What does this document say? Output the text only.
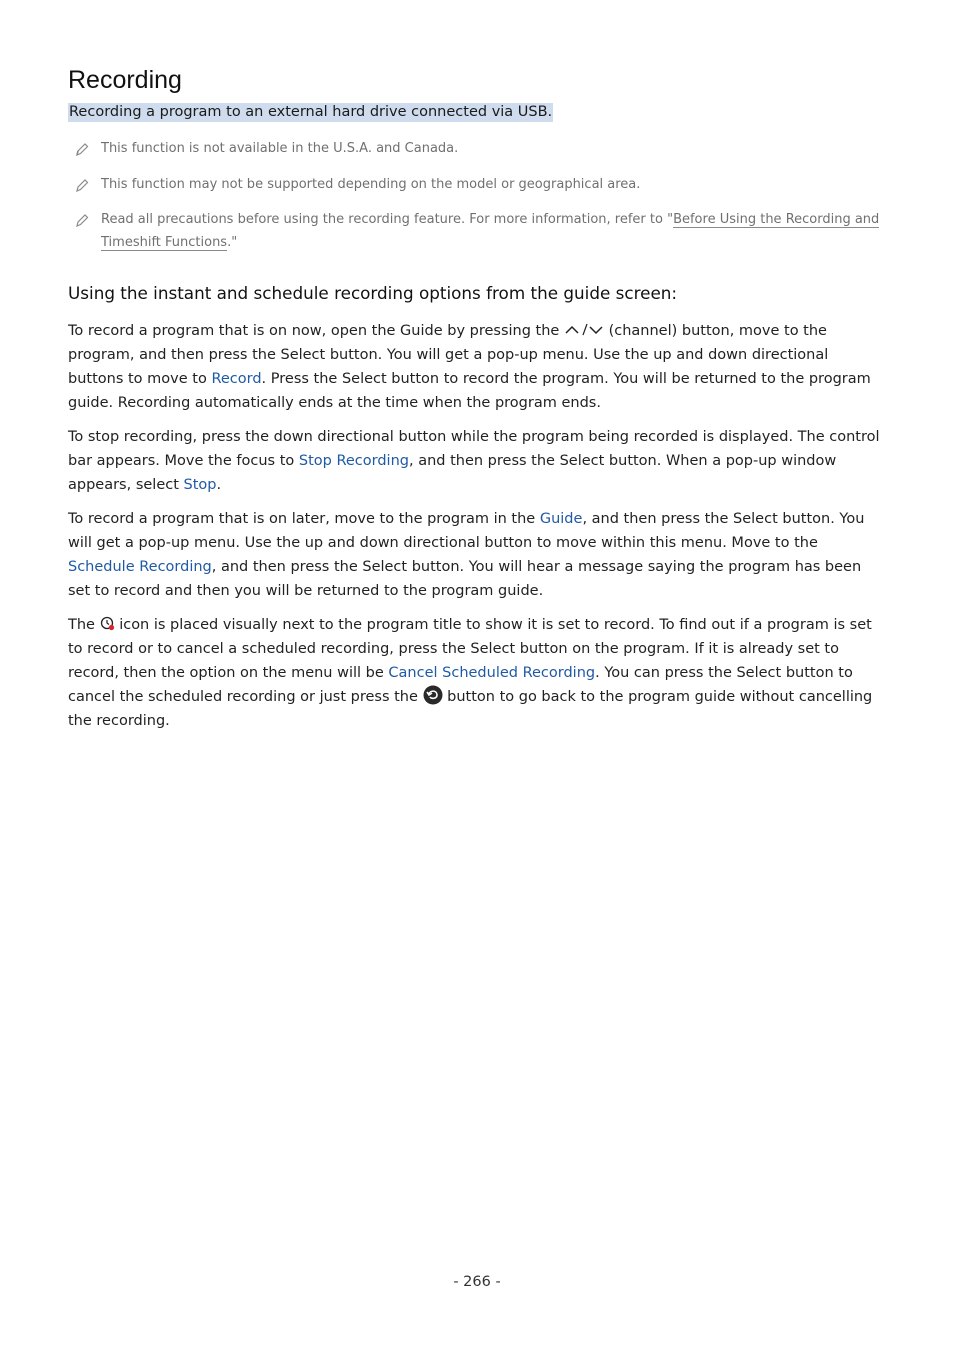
Recording
Recording a program to an external hard drive connected via USB.
This function is not available in the U.S.A. and Canada.
This function may not be supported depending on the model or geographical area.
Read all precautions before using the recording feature. For more information, refer to "Before Using the Recording and
Timeshift Functions."
Using the instant and schedule recording options from the guide screen:
To record a program that is on now, open the Guide by pressing the	(channel) button, move to the program, and then press the Select button. You will get a pop-up menu. Use the up and down directional buttons to move to Record. Press the Select button to record the program. You will be returned to the program guide. Recording automatically ends at the time when the program ends.
To stop recording, press the down directional button while the program being recorded is displayed. The control bar appears. Move the focus to Stop Recording, and then press the Select button. When a pop-up window appears, select Stop.
To record a program that is on later, move to the program in the Guide, and then press the Select button. You will get a pop-up menu. Use the up and down directional button to move within this menu. Move to the Schedule Recording, and then press the Select button. You will hear a message saying the program has been set to record and then you will be returned to the program guide.
The icon is placed visually next to the program title to show it is set to record. To find out if a program is set to record or to cancel a scheduled recording, press the Select button on the program. If it is already set to record, then the option on the menu will be Cancel Scheduled Recording. You can press the Select button to cancel the scheduled recording or just press the button to go back to the program guide without cancelling the recording.
- 266 -
